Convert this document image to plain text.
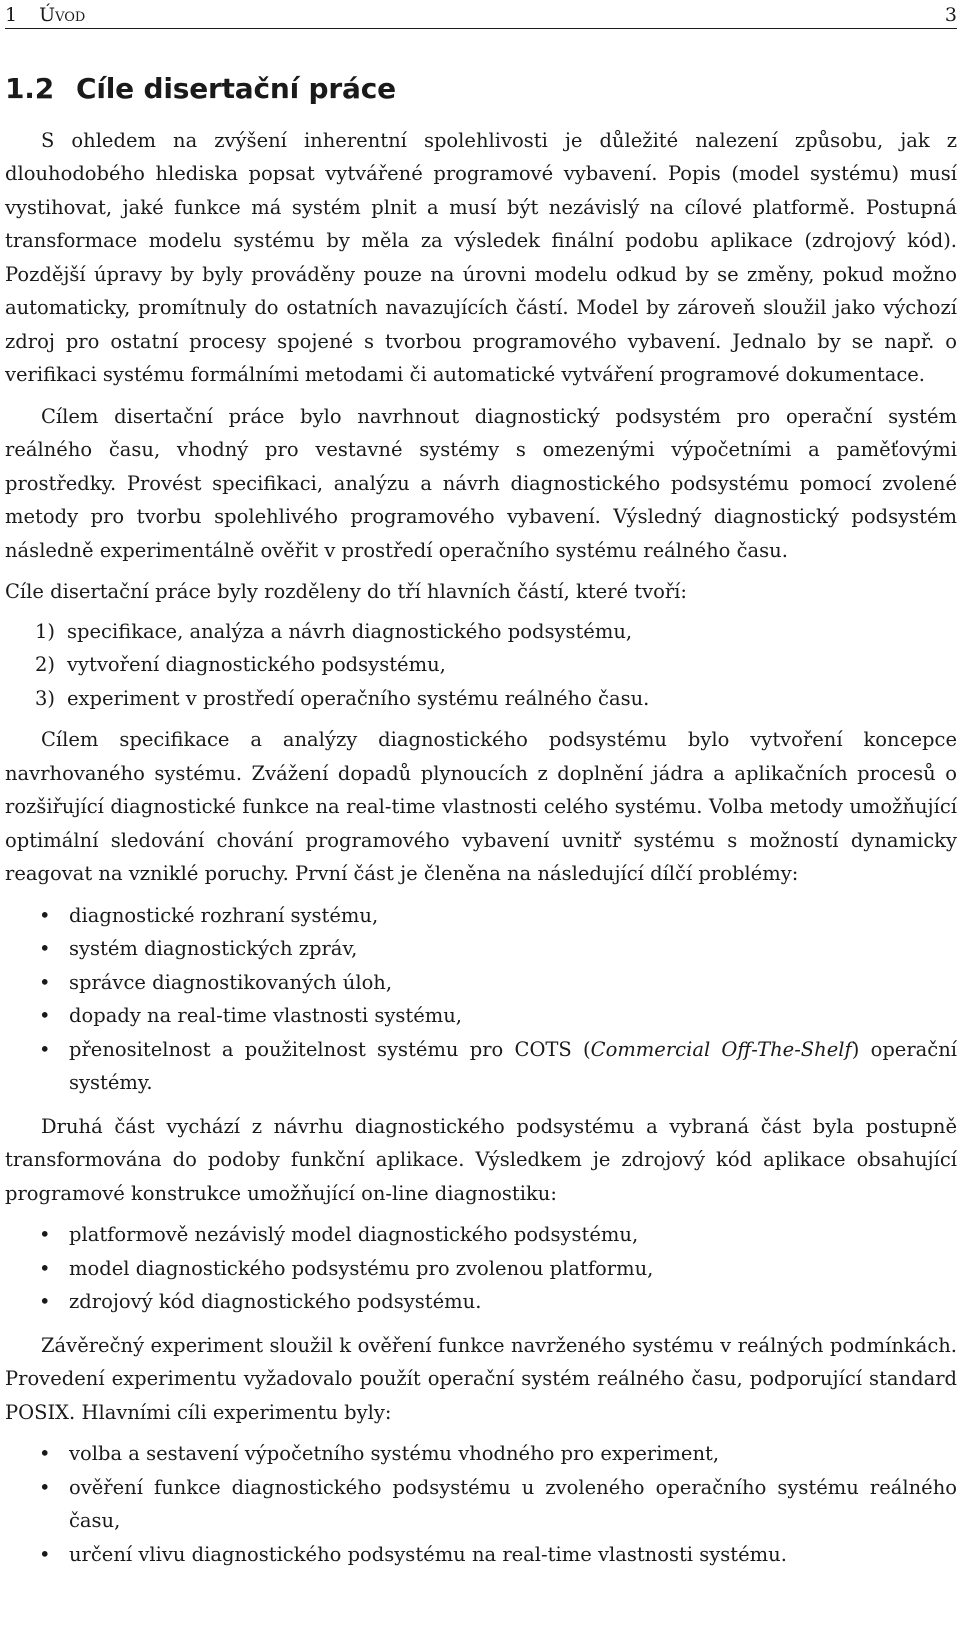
1 Úvod	3
1.2 Cíle disertační práce

S ohledem na zvýšení inherentní spolehlivosti je důležité nalezení způsobu, jak z dlouhodobého hlediska popsat vytvářené programové vybavení. Popis (model systému) musí vystihovat, jaké funkce má systém plnit a musí být nezávislý na cílové platformě. Postupná transformace modelu systému by měla za výsledek finální podobu aplikace (zdrojový kód). Pozdější úpravy by byly prováděny pouze na úrovni modelu odkud by se změny, pokud možno automaticky, promítnuly do ostatních navazujících částí. Model by zároveň sloužil jako výchozí zdroj pro ostatní procesy spojené s tvorbou programového vybavení. Jednalo by se např. o verifikaci systému formálními metodami či automatické vytváření programové dokumentace.

Cílem disertační práce bylo navrhnout diagnostický podsystém pro operační systém reálného času, vhodný pro vestavné systémy s omezenými výpočetními a paměťovými prostředky. Provést specifikaci, analýzu a návrh diagnostického podsystému pomocí zvolené metody pro tvorbu spolehlivého programového vybavení. Výsledný diagnostický podsystém následně experimentálně ověřit v prostředí operačního systému reálného času.

Cíle disertační práce byly rozděleny do tří hlavních částí, které tvoří:

1) specifikace, analýza a návrh diagnostického podsystému,
2) vytvoření diagnostického podsystému,
3) experiment v prostředí operačního systému reálného času.

Cílem specifikace a analýzy diagnostického podsystému bylo vytvoření koncepce navrhovaného systému. Zvážení dopadů plynoucích z doplnění jádra a aplikačních procesů o rozšiřující diagnostické funkce na real-time vlastnosti celého systému. Volba metody umožňující optimální sledování chování programového vybavení uvnitř systému s možností dynamicky reagovat na vzniklé poruchy. První část je členěna na následující dílčí problémy:

• diagnostické rozhraní systému,
• systém diagnostických zpráv,
• správce diagnostikovaných úloh,
• dopady na real-time vlastnosti systému,
• přenositelnost a použitelnost systému pro COTS (Commercial Off-The-Shelf) operační systémy.

Druhá část vychází z návrhu diagnostického podsystému a vybraná část byla postupně transformována do podoby funkční aplikace. Výsledkem je zdrojový kód aplikace obsahující programové konstrukce umožňující on-line diagnostiku:

• platformově nezávislý model diagnostického podsystému,
• model diagnostického podsystému pro zvolenou platformu,
• zdrojový kód diagnostického podsystému.

Závěrečný experiment sloužil k ověření funkce navrženého systému v reálných podmínkách. Provedení experimentu vyžadovalo použít operační systém reálného času, podporující standard POSIX. Hlavními cíli experimentu byly:

• volba a sestavení výpočetního systému vhodného pro experiment,
• ověření funkce diagnostického podsystému u zvoleného operačního systému reálného času,
• určení vlivu diagnostického podsystému na real-time vlastnosti systému.
